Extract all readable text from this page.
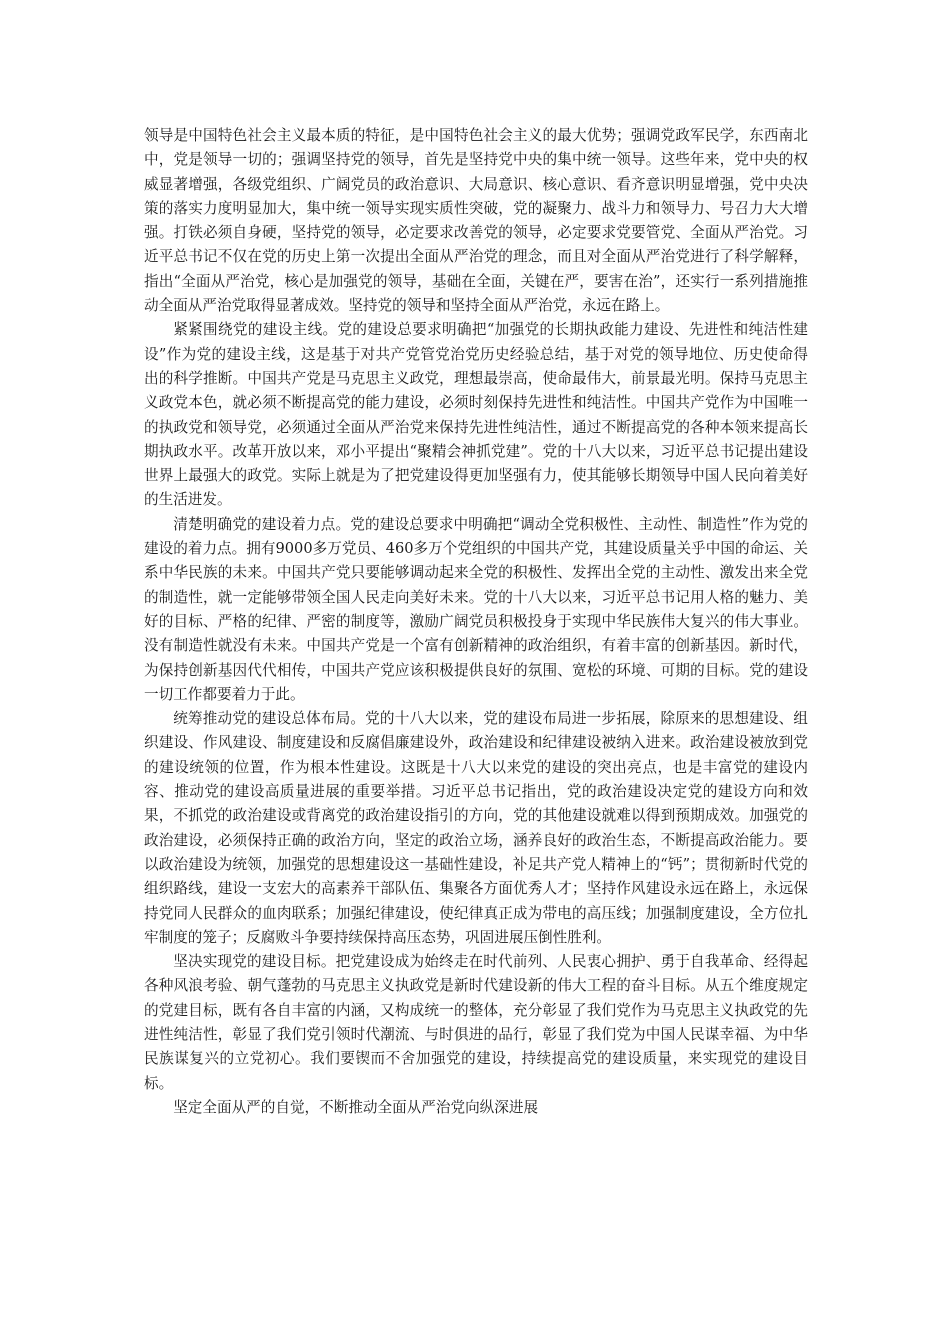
领导是中国特色社会主义最本质的特征，是中国特色社会主义的最大优势；强调党政军民学，东西南北中，党是领导一切的；强调坚持党的领导，首先是坚持党中央的集中统一领导。这些年来，党中央的权威显著增强，各级党组织、广阔党员的政治意识、大局意识、核心意识、看齐意识明显增强，党中央决策的落实力度明显加大，集中统一领导实现实质性突破，党的凝聚力、战斗力和领导力、号召力大大增强。打铁必须自身硬，坚持党的领导，必定要求改善党的领导，必定要求党要管党、全面从严治党。习近平总书记不仅在党的历史上第一次提出全面从严治党的理念，而且对全面从严治党进行了科学解释，指出“全面从严治党，核心是加强党的领导，基础在全面，关键在严，要害在治”，还实行一系列措施推动全面从严治党取得显著成效。坚持党的领导和坚持全面从严治党，永远在路上。

紧紧围绕党的建设主线。党的建设总要求明确把“加强党的长期执政能力建设、先进性和纯洁性建设”作为党的建设主线，这是基于对共产党管党治党历史经验总结，基于对党的领导地位、历史使命得出的科学推断。中国共产党是马克思主义政党，理想最崇高，使命最伟大，前景最光明。保持马克思主义政党本色，就必须不断提高党的能力建设，必须时刻保持先进性和纯洁性。中国共产党作为中国唯一的执政党和领导党，必须通过全面从严治党来保持先进性纯洁性，通过不断提高党的各种本领来提高长期执政水平。改革开放以来，邓小平提出“聚精会神抓党建”。党的十八大以来，习近平总书记提出建设世界上最强大的政党。实际上就是为了把党建设得更加坚强有力，使其能够长期领导中国人民向着美好的生活进发。

清楚明确党的建设着力点。党的建设总要求中明确把“调动全党积极性、主动性、制造性”作为党的建设的着力点。拥有9000多万党员、460多万个党组织的中国共产党，其建设质量关乎中国的命运、关系中华民族的未来。中国共产党只要能够调动起来全党的积极性、发挥出全党的主动性、激发出来全党的制造性，就一定能够带领全国人民走向美好未来。党的十八大以来，习近平总书记用人格的魅力、美好的目标、严格的纪律、严密的制度等，激励广阔党员积极投身于实现中华民族伟大复兴的伟大事业。没有制造性就没有未来。中国共产党是一个富有创新精神的政治组织，有着丰富的创新基因。新时代，为保持创新基因代代相传，中国共产党应该积极提供良好的氛围、宽松的环境、可期的目标。党的建设一切工作都要着力于此。

统筹推动党的建设总体布局。党的十八大以来，党的建设布局进一步拓展，除原来的思想建设、组织建设、作风建设、制度建设和反腐倡廉建设外，政治建设和纪律建设被纳入进来。政治建设被放到党的建设统领的位置，作为根本性建设。这既是十八大以来党的建设的突出亮点，也是丰富党的建设内容、推动党的建设高质量进展的重要举措。习近平总书记指出，党的政治建设决定党的建设方向和效果，不抓党的政治建设或背离党的政治建设指引的方向，党的其他建设就难以得到预期成效。加强党的政治建设，必须保持正确的政治方向，坚定的政治立场，涵养良好的政治生态，不断提高政治能力。要以政治建设为统领，加强党的思想建设这一基础性建设，补足共产党人精神上的“钙”；贯彻新时代党的组织路线，建设一支宏大的高素养干部队伍、集聚各方面优秀人才；坚持作风建设永远在路上，永远保持党同人民群众的血肉联系；加强纪律建设，使纪律真正成为带电的高压线；加强制度建设，全方位扎牢制度的笼子；反腐败斗争要持续保持高压态势，巩固进展压倒性胜利。

坚决实现党的建设目标。把党建设成为始终走在时代前列、人民衷心拥护、勇于自我革命、经得起各种风浪考验、朝气蓬勃的马克思主义执政党是新时代建设新的伟大工程的奋斗目标。从五个维度规定的党建目标，既有各自丰富的内涵，又构成统一的整体，充分彰显了我们党作为马克思主义执政党的先进性纯洁性，彰显了我们党引领时代潮流、与时俱进的品行，彰显了我们党为中国人民谋幸福、为中华民族谋复兴的立党初心。我们要锲而不舍加强党的建设，持续提高党的建设质量，来实现党的建设目标。

坚定全面从严的自觉，不断推动全面从严治党向纵深进展
